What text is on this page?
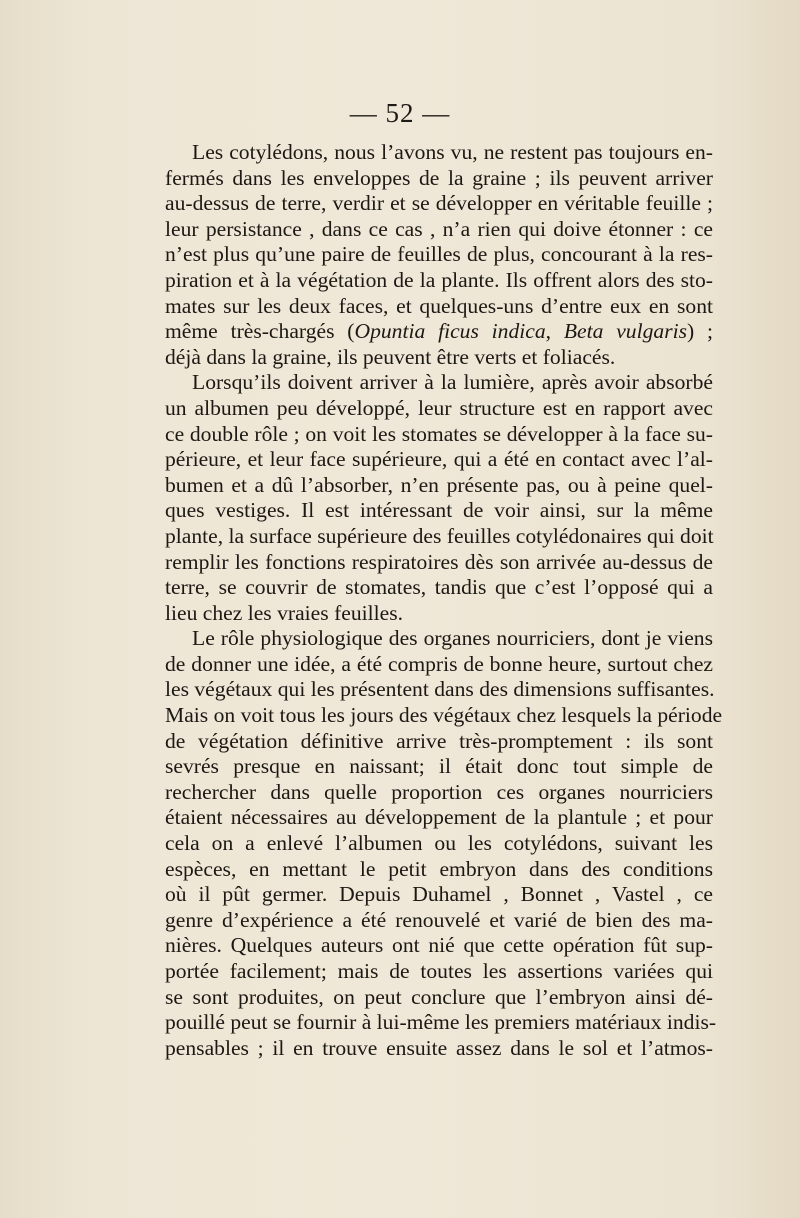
— 52 —
Les cotylédons, nous l’avons vu, ne restent pas toujours en-
fermés dans les enveloppes de la graine ; ils peuvent arriver
au-dessus de terre, verdir et se développer en véritable feuille ;
leur persistance , dans ce cas , n’a rien qui doive étonner : ce
n’est plus qu’une paire de feuilles de plus, concourant à la res-
piration et à la végétation de la plante. Ils offrent alors des sto-
mates sur les deux faces, et quelques-uns d’entre eux en sont
même très-chargés (Opuntia ficus indica, Beta vulgaris) ;
déjà dans la graine, ils peuvent être verts et foliacés.
Lorsqu’ils doivent arriver à la lumière, après avoir absorbé
un albumen peu développé, leur structure est en rapport avec
ce double rôle ; on voit les stomates se développer à la face su-
périeure, et leur face supérieure, qui a été en contact avec l’al-
bumen et a dû l’absorber, n’en présente pas, ou à peine quel-
ques vestiges. Il est intéressant de voir ainsi, sur la même
plante, la surface supérieure des feuilles cotylédonaires qui doit
remplir les fonctions respiratoires dès son arrivée au-dessus de
terre, se couvrir de stomates, tandis que c’est l’opposé qui a
lieu chez les vraies feuilles.
Le rôle physiologique des organes nourriciers, dont je viens
de donner une idée, a été compris de bonne heure, surtout chez
les végétaux qui les présentent dans des dimensions suffisantes.
Mais on voit tous les jours des végétaux chez lesquels la période
de végétation définitive arrive très-promptement : ils sont
sevrés presque en naissant; il était donc tout simple de
rechercher dans quelle proportion ces organes nourriciers
étaient nécessaires au développement de la plantule ; et pour
cela on a enlevé l’albumen ou les cotylédons, suivant les
espèces, en mettant le petit embryon dans des conditions
où il pût germer. Depuis Duhamel , Bonnet , Vastel , ce
genre d’expérience a été renouvelé et varié de bien des ma-
nières. Quelques auteurs ont nié que cette opération fût sup-
portée facilement; mais de toutes les assertions variées qui
se sont produites, on peut conclure que l’embryon ainsi dé-
pouillé peut se fournir à lui-même les premiers matériaux indis-
pensables ; il en trouve ensuite assez dans le sol et l’atmos-
